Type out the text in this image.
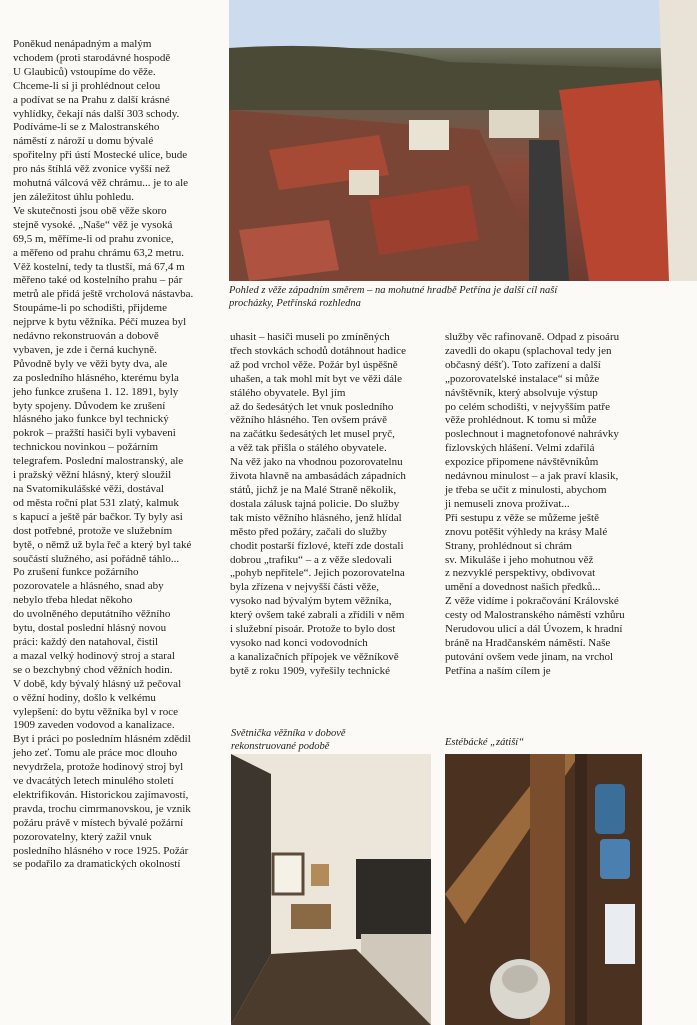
Pohled z věže západním směrem – na mohutné hradbě Petřína je další cíl naší
procházky, Petřínská rozhledna
Světnička věžníka v dobově
rekonstruované podobě	Estébácké „zátiší“

Poněkud nenápadným a malým

vchodem (proti starodávné hospodě

U Glaubiců) vstoupíme do věže.

Chceme-li si ji prohlédnout celou

a podívat se na Prahu z další krásné

vyhlídky, čekají nás další 303 schody.

Podíváme-li se z Malostranského

náměstí z nároží u domu bývalé

spořitelny při ústí Mostecké ulice, bude

pro nás štíhlá věž zvonice vyšší než

mohutná válcová věž chrámu... je to ale

jen záležitost úhlu pohledu.

Ve skutečnosti jsou obě věže skoro

stejně vysoké. „Naše“ věž je vysoká

69,5 m, měříme-li od prahu zvonice,

a měřeno od prahu chrámu 63,2 metru.

Věž kostelní, tedy ta tlustší, má 67,4 m

měřeno také od kostelního prahu – pár

metrů ale přidá ještě vrcholová nástavba.

Stoupáme-li po schodišti, přijdeme

nejprve k bytu věžníka. Péčí muzea byl

nedávno rekonstruován a dobově

vybaven, je zde i černá kuchyně.

Původně byly ve věži byty dva, ale

za posledního hlásného, kterému byla

jeho funkce zrušena 1. 12. 1891, byly

byty spojeny. Důvodem ke zrušení

hlásného jako funkce byl technický

pokrok – pražští hasiči byli vybaveni

technickou novinkou – požárním

telegrafem. Poslední malostranský, ale

i pražský věžní hlásný, který sloužil

na Svatomikulášské věži, dostával

od města roční plat 531 zlatý, kalmuk

s kapucí a ještě pár bačkor. Ty byly asi

dost potřebné, protože ve služebním

bytě, o němž už byla řeč a který byl také

součástí služného, asi pořádně táhlo...

Po zrušení funkce požárního

pozorovatele a hlásného, snad aby

nebylo třeba hledat někoho

do uvolněného deputátního věžního

bytu, dostal poslední hlásný novou

práci: každý den natahoval, čistil

a mazal velký hodinový stroj a staral

se o bezchybný chod věžních hodin.

V době, kdy bývalý hlásný už pečoval

o věžní hodiny, došlo k velkému

vylepšení: do bytu věžníka byl v roce

1909 zaveden vodovod a kanalizace.

Byt i práci po posledním hlásném zdědil

jeho zeť. Tomu ale práce moc dlouho

nevydržela, protože hodinový stroj byl

ve dvacátých letech minulého století

elektrifikován. Historickou zajímavostí,

pravda, trochu cimrmanovskou, je vznik

požáru právě v místech bývalé požární

pozorovatelny, který zažil vnuk

posledního hlásného v roce 1925. Požár

se podařilo za dramatických okolností

uhasit – hasiči museli po zmíněných

třech stovkách schodů dotáhnout hadice

až pod vrchol věže. Požár byl úspěšně

uhašen, a tak mohl mít byt ve věži dále

stálého obyvatele. Byl jím

až do šedesátých let vnuk posledního

věžního hlásného. Ten ovšem právě

na začátku šedesátých let musel pryč,

a věž tak přišla o stálého obyvatele.

Na věž jako na vhodnou pozorovatelnu

života hlavně na ambasádách západních

států, jichž je na Malé Straně několik,

dostala zálusk tajná policie. Do služby

tak místo věžního hlásného, jenž hlídal

město před požáry, začali do služby

chodit postarší fízlové, kteří zde dostali

dobrou „trafiku“ – a z věže sledovali

„pohyb nepřítele“. Jejich pozorovatelna

byla zřízena v nejvyšší části věže,

vysoko nad bývalým bytem věžníka,

který ovšem také zabrali a zřídili v něm

i služební pisoár. Protože to bylo dost

vysoko nad konci vodovodních

a kanalizačních přípojek ve věžníkově

bytě z roku 1909, vyřešily technické

služby věc rafinovaně. Odpad z pisoáru

zavedli do okapu (splachoval tedy jen

občasný déšť). Toto zařízení a další

„pozorovatelské instalace“ si může

návštěvník, který absolvuje výstup

po celém schodišti, v nejvyšším patře

věže prohlédnout. K tomu si může

poslechnout i magnetofonové nahrávky

fízlovských hlášení. Velmi zdařilá

expozice připomene návštěvníkům

nedávnou minulost – a jak praví klasik,

je třeba se učit z minulosti, abychom

ji nemuseli znova prožívat...

Při sestupu z věže se můžeme ještě

znovu potěšit výhledy na krásy Malé

Strany, prohlédnout si chrám

sv. Mikuláše i jeho mohutnou věž

z nezvyklé perspektivy, obdivovat

umění a dovednost našich předků...

Z věže vidíme i pokračování Královské

cesty od Malostranského náměstí vzhůru

Nerudovou ulicí a dál Úvozem, k hradní

bráně na Hradčanském náměstí. Naše

putování ovšem vede jinam, na vrchol

Petřína a naším cílem je
